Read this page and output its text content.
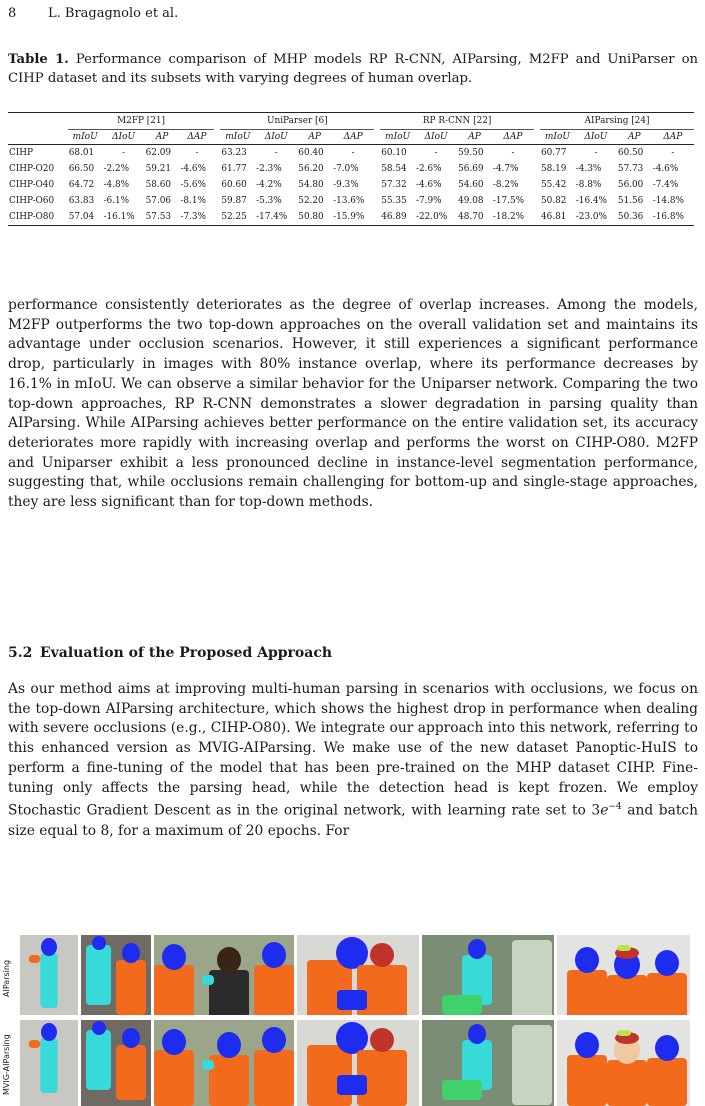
8 L. Bragagnolo et al.
Table 1. Performance comparison of MHP models RP R-CNN, AIParsing, M2FP and UniParser on CIHP dataset and its subsets with varying degrees of human overlap.

	M2FP [21]					UniParser [6]					RP R-CNN [22]					AIParsing [24]			
	mIoU	ΔIoU	AP	ΔAP		mIoU	ΔIoU	AP	ΔAP		mIoU	ΔIoU	AP	ΔAP		mIoU	ΔIoU	AP	ΔAP
CIHP	68.01	-	62.09	-		63.23	-	60.40	-		60.10	-	59.50	-		60.77	-	60.50	-
CIHP-O20	66.50	-2.2%	59.21	-4.6%		61.77	-2.3%	56.20	-7.0%		58.54	-2.6%	56.69	-4.7%		58.19	-4.3%	57.73	-4.6%
CIHP-O40	64.72	-4.8%	58.60	-5.6%		60.60	-4.2%	54.80	-9.3%		57.32	-4.6%	54.60	-8.2%		55.42	-8.8%	56.00	-7.4%
CIHP-O60	63.83	-6.1%	57.06	-8.1%		59.87	-5.3%	52.20	-13.6%		55.35	-7.9%	49.08	-17.5%		50.82	-16.4%	51.56	-14.8%
CIHP-O80	57.04	-16.1%	57.53	-7.3%		52.25	-17.4%	50.80	-15.9%		46.89	-22.0%	48.70	-18.2%		46.81	-23.0%	50.36	-16.8%
performance consistently deteriorates as the degree of overlap increases. Among the models, M2FP outperforms the two top-down approaches on the overall validation set and maintains its advantage under occlusion scenarios. However, it still experiences a significant performance drop, particularly in images with 80% instance overlap, where its performance decreases by 16.1% in mIoU. We can observe a similar behavior for the Uniparser network. Comparing the two top-down approaches, RP R-CNN demonstrates a slower degradation in parsing quality than AIParsing. While AIParsing achieves better performance on the entire validation set, its accuracy deteriorates more rapidly with increasing overlap and performs the worst on CIHP-O80. M2FP and Uniparser exhibit a less pronounced decline in instance-level segmentation performance, suggesting that, while occlusions remain challenging for bottom-up and single-stage approaches, they are less significant than for top-down methods.
5.2 Evaluation of the Proposed Approach
As our method aims at improving multi-human parsing in scenarios with occlusions, we focus on the top-down AIParsing architecture, which shows the highest drop in performance when dealing with severe occlusions (e.g., CIHP-O80). We integrate our approach into this network, referring to this enhanced version as MVIG-AIParsing. We make use of the new dataset Panoptic-HuIS to perform a fine-tuning of the model that has been pre-trained on the MHP dataset CIHP. Fine-tuning only affects the parsing head, while the detection head is kept frozen. We employ Stochastic Gradient Descent as in the original network, with learning rate set to $3e^{-4}$ and batch size equal to 8, for a maximum of 20 epochs. For
AIParsing
MVIG-AIParsing
